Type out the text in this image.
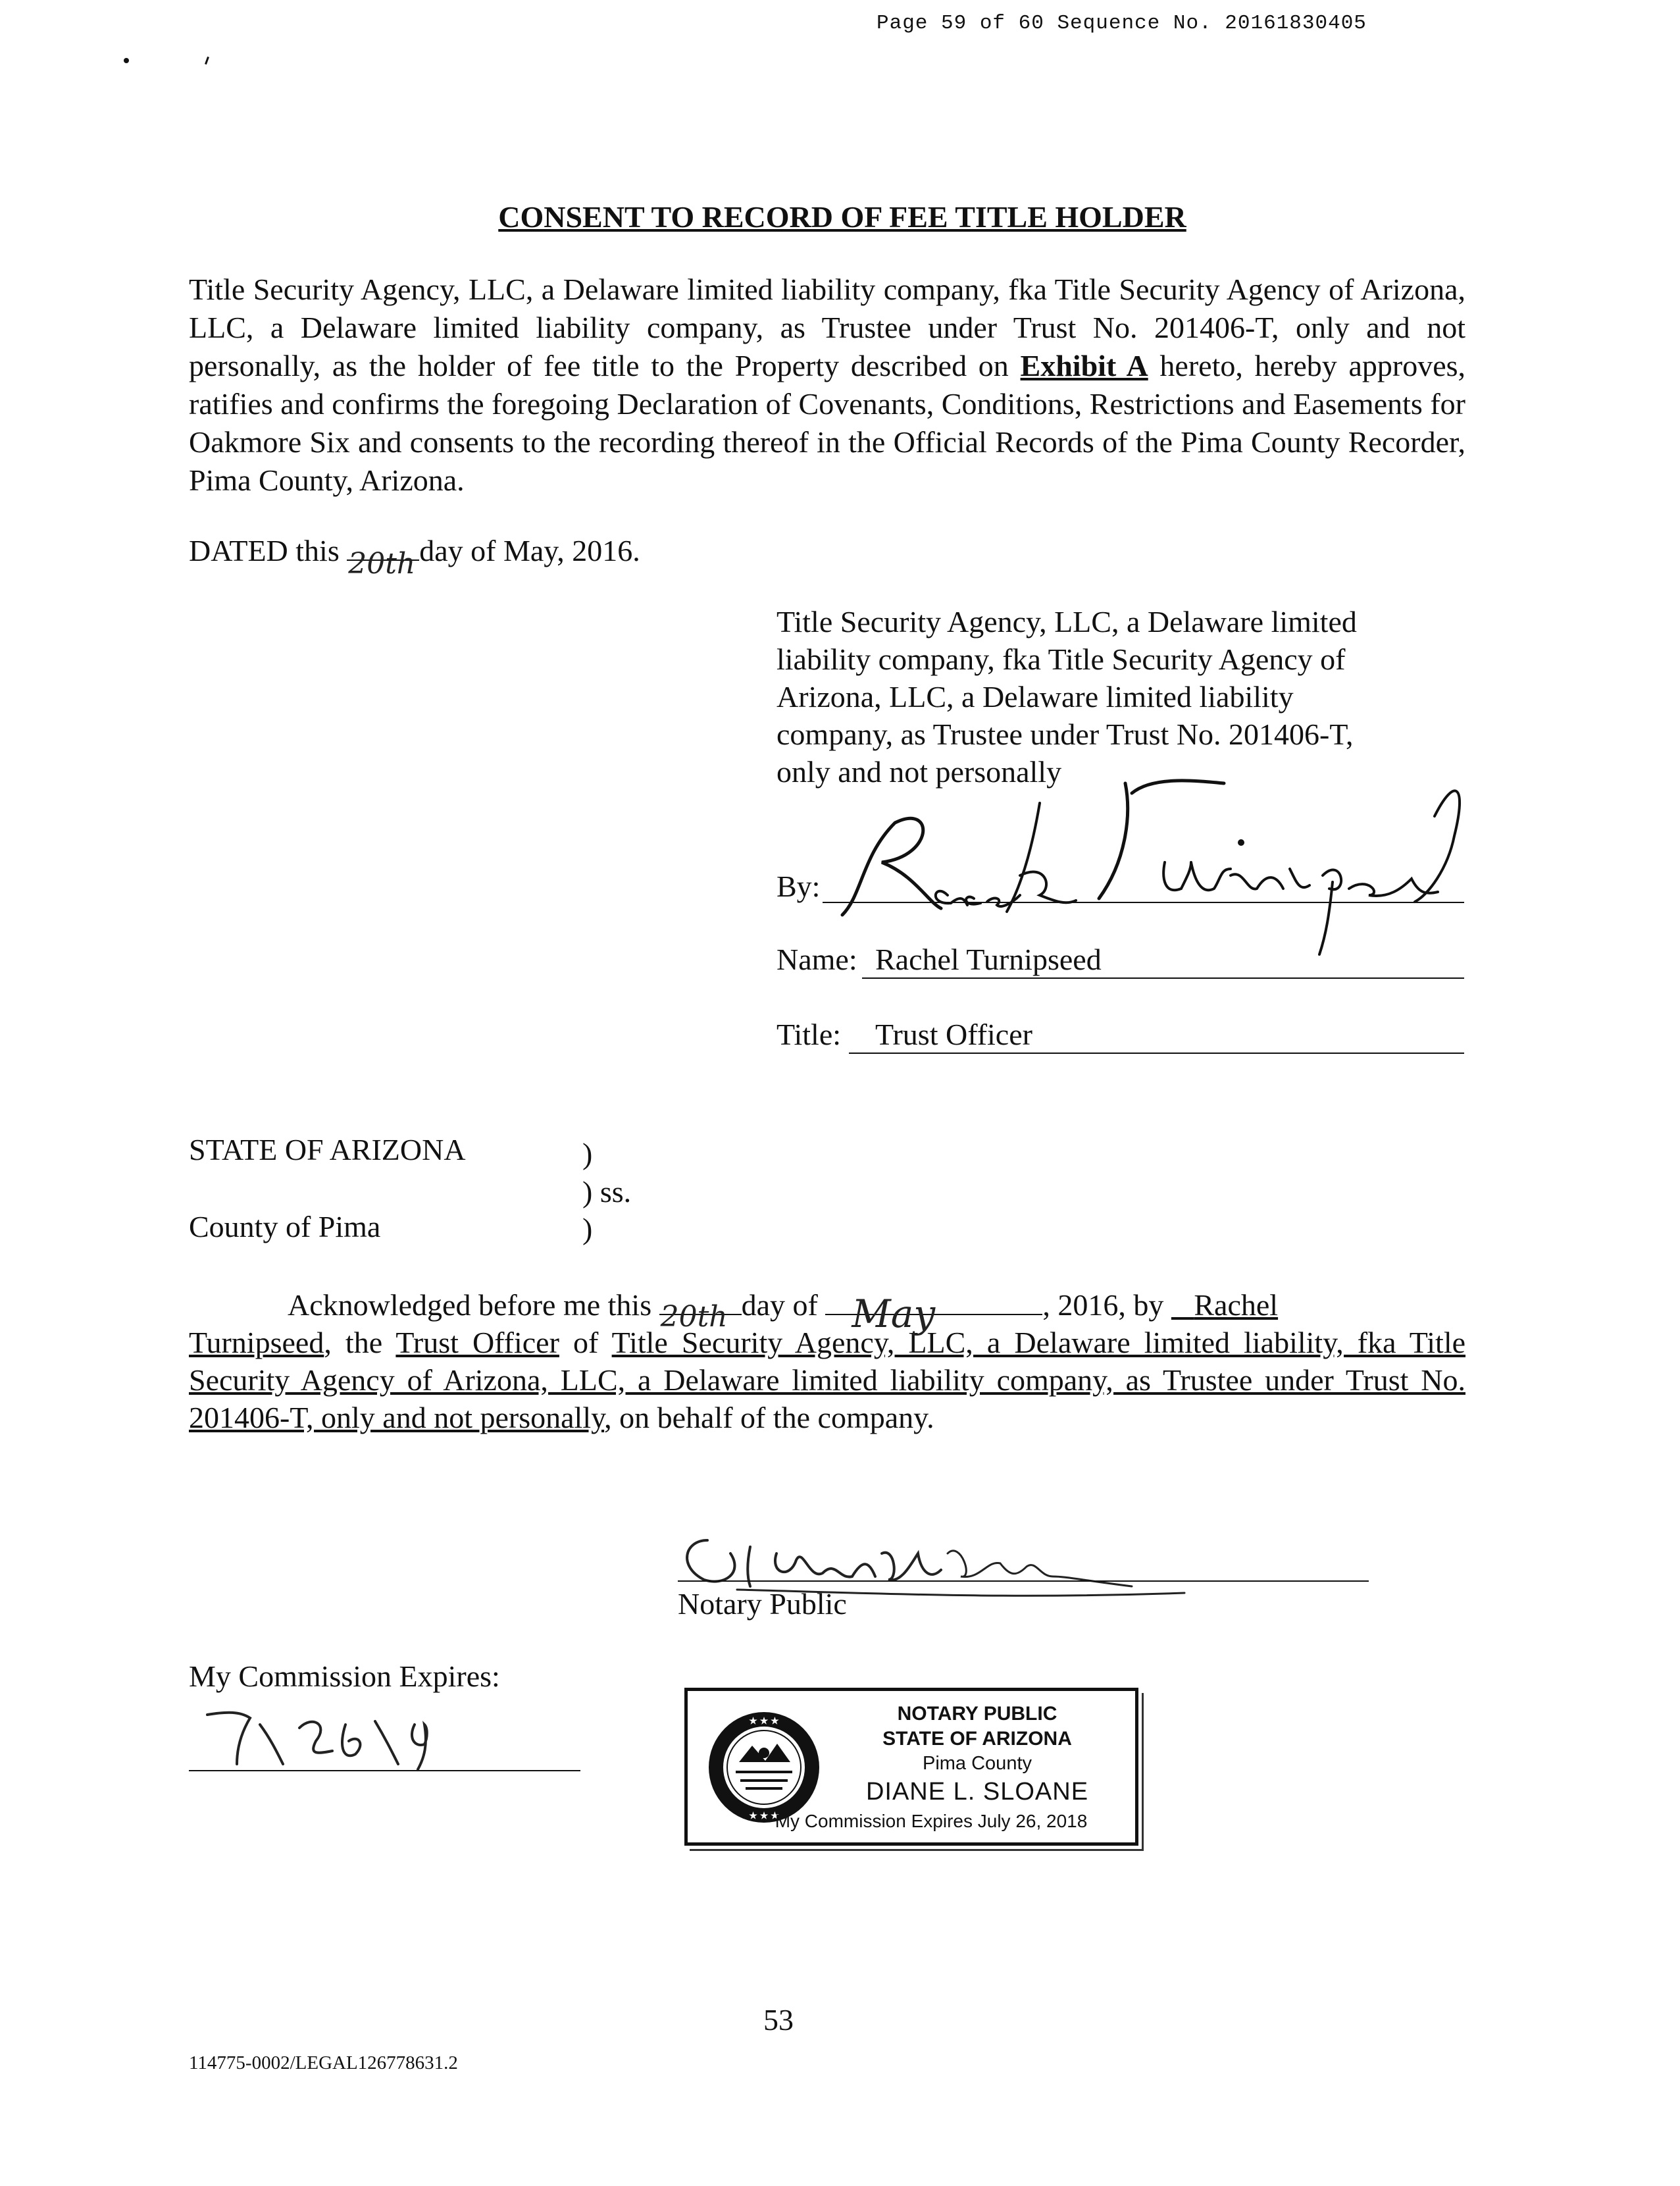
Page 59 of 60 Sequence No. 20161830405
CONSENT TO RECORD OF FEE TITLE HOLDER
Title Security Agency, LLC, a Delaware limited liability company, fka Title Security Agency of Arizona, LLC, a Delaware limited liability company, as Trustee under Trust No. 201406-T, only and not personally, as the holder of fee title to the Property described on Exhibit A hereto, hereby approves, ratifies and confirms the foregoing Declaration of Covenants, Conditions, Restrictions and Easements for Oakmore Six and consents to the recording thereof in the Official Records of the Pima County Recorder, Pima County, Arizona.
DATED this 20th day of May, 2016.
Title Security Agency, LLC, a Delaware limited
liability company, fka Title Security Agency of
Arizona, LLC, a Delaware limited liability
company, as Trustee under Trust No. 201406-T,
only and not personally
By:
Name: Rachel Turnipseed
Title: Trust Officer
STATE OF ARIZONA	)
) ss.
County of Pima	)
Acknowledged before me this 20th day of May	, 2016, by Rachel
Turnipseed, the Trust Officer of Title Security Agency, LLC, a Delaware limited liability, fka Title Security Agency of Arizona, LLC, a Delaware limited liability company, as Trustee under Trust No. 201406-T, only and not personally, on behalf of the company.
Notary Public
My Commission Expires:
★ ★ ★
★ ★ ★
NOTARY PUBLIC
STATE OF ARIZONA
Pima County
DIANE L. SLOANE
My Commission Expires July 26, 2018
53
114775-0002/LEGAL126778631.2
